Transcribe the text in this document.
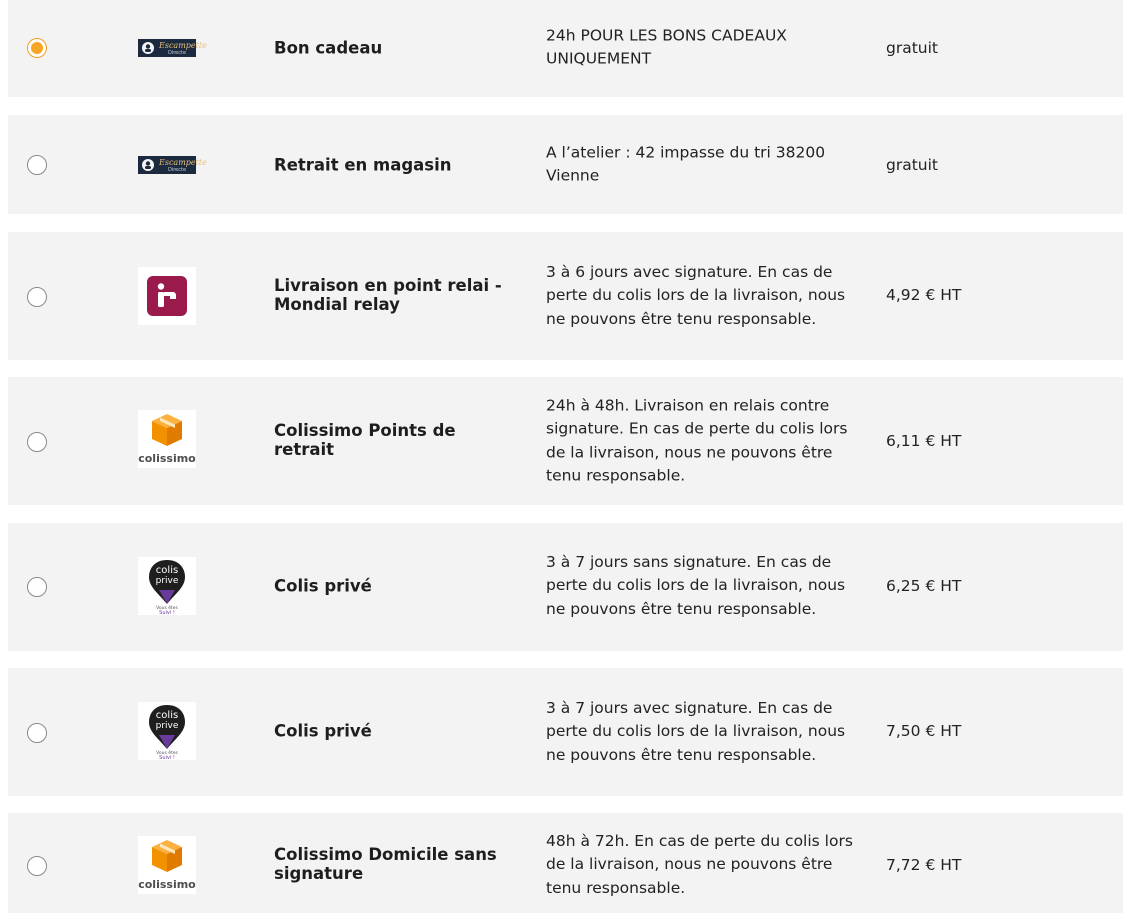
Escampette
Directe	Bon cadeau
24h POUR LES BONS CADEAUX UNIQUEMENT
gratuit
Escampette
Directe	Retrait en magasin
A l’atelier : 42 impasse du tri 38200 Vienne
gratuit
Livraison en point relai - Mondial relay
3 à 6 jours avec signature. En cas de perte du colis lors de la livraison, nous ne pouvons être tenu responsable.
4,92 € HT
colissimo
Colissimo Points de retrait
24h à 48h. Livraison en relais contre signature. En cas de perte du colis lors de la livraison, nous ne pouvons être tenu responsable.
6,11 € HT
colis
prive
Vous êtes
Suivi !
Colis privé
3 à 7 jours sans signature. En cas de perte du colis lors de la livraison, nous ne pouvons être tenu responsable.
6,25 € HT
colis
prive
Vous êtes
Suivi !
Colis privé
3 à 7 jours avec signature. En cas de perte du colis lors de la livraison, nous ne pouvons être tenu responsable.
7,50 € HT
colissimo
Colissimo Domicile sans signature
48h à 72h. En cas de perte du colis lors de la livraison, nous ne pouvons être tenu responsable.
7,72 € HT
